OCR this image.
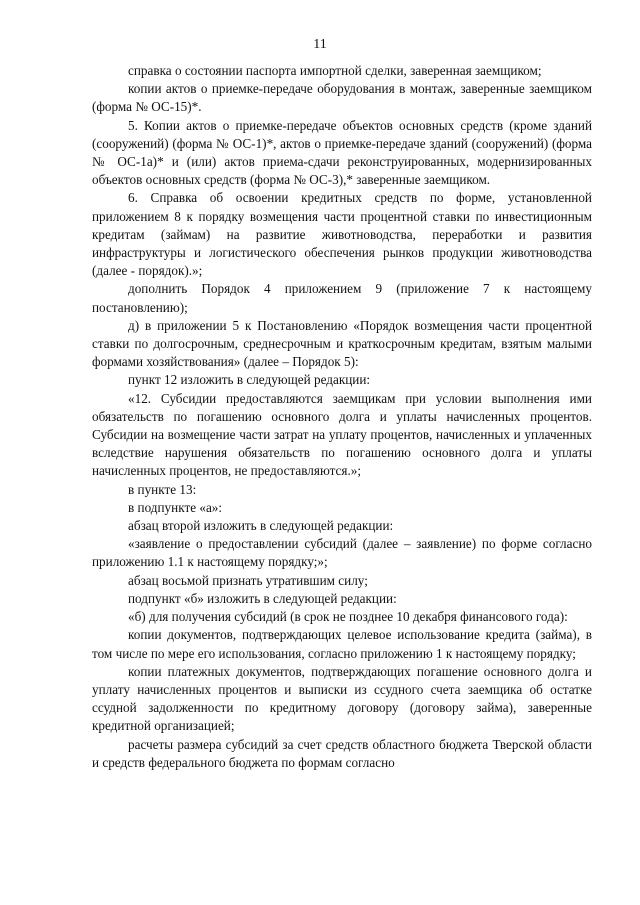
11

справка о состоянии паспорта импортной сделки, заверенная заемщиком;

копии актов о приемке-передаче оборудования в монтаж, заверенные заемщиком (форма № ОС-15)*.

5. Копии актов о приемке-передаче объектов основных средств (кроме зданий (сооружений) (форма № ОС-1)*, актов о приемке-передаче зданий (сооружений) (форма № ОС-1а)* и (или) актов приема-сдачи реконструированных, модернизированных объектов основных средств (форма № ОС-3),* заверенные заемщиком.

6. Справка об освоении кредитных средств по форме, установленной приложением 8 к порядку возмещения части процентной ставки по инвестиционным кредитам (займам) на развитие животноводства, переработки и развития инфраструктуры и логистического обеспечения рынков продукции животноводства (далее - порядок).»;

дополнить Порядок 4 приложением 9 (приложение 7 к настоящему постановлению);

д) в приложении 5 к Постановлению «Порядок возмещения части процентной ставки по долгосрочным, среднесрочным и краткосрочным кредитам, взятым малыми формами хозяйствования» (далее – Порядок 5):

пункт 12 изложить в следующей редакции:

«12. Субсидии предоставляются заемщикам при условии выполнения ими обязательств по погашению основного долга и уплаты начисленных процентов. Субсидии на возмещение части затрат на уплату процентов, начисленных и уплаченных вследствие нарушения обязательств по погашению основного долга и уплаты начисленных процентов, не предоставляются.»;

в пункте 13:

в подпункте «а»:

абзац второй изложить в следующей редакции:

«заявление о предоставлении субсидий (далее – заявление) по форме согласно приложению 1.1 к настоящему порядку;»;

абзац восьмой признать утратившим силу;

подпункт «б» изложить в следующей редакции:

«б) для получения субсидий (в срок не позднее 10 декабря финансового года):

копии документов, подтверждающих целевое использование кредита (займа), в том числе по мере его использования, согласно приложению 1 к настоящему порядку;

копии платежных документов, подтверждающих погашение основного долга и уплату начисленных процентов и выписки из ссудного счета заемщика об остатке ссудной задолженности по кредитному договору (договору займа), заверенные кредитной организацией;

расчеты размера субсидий за счет средств областного бюджета Тверской области и средств федерального бюджета по формам согласно
